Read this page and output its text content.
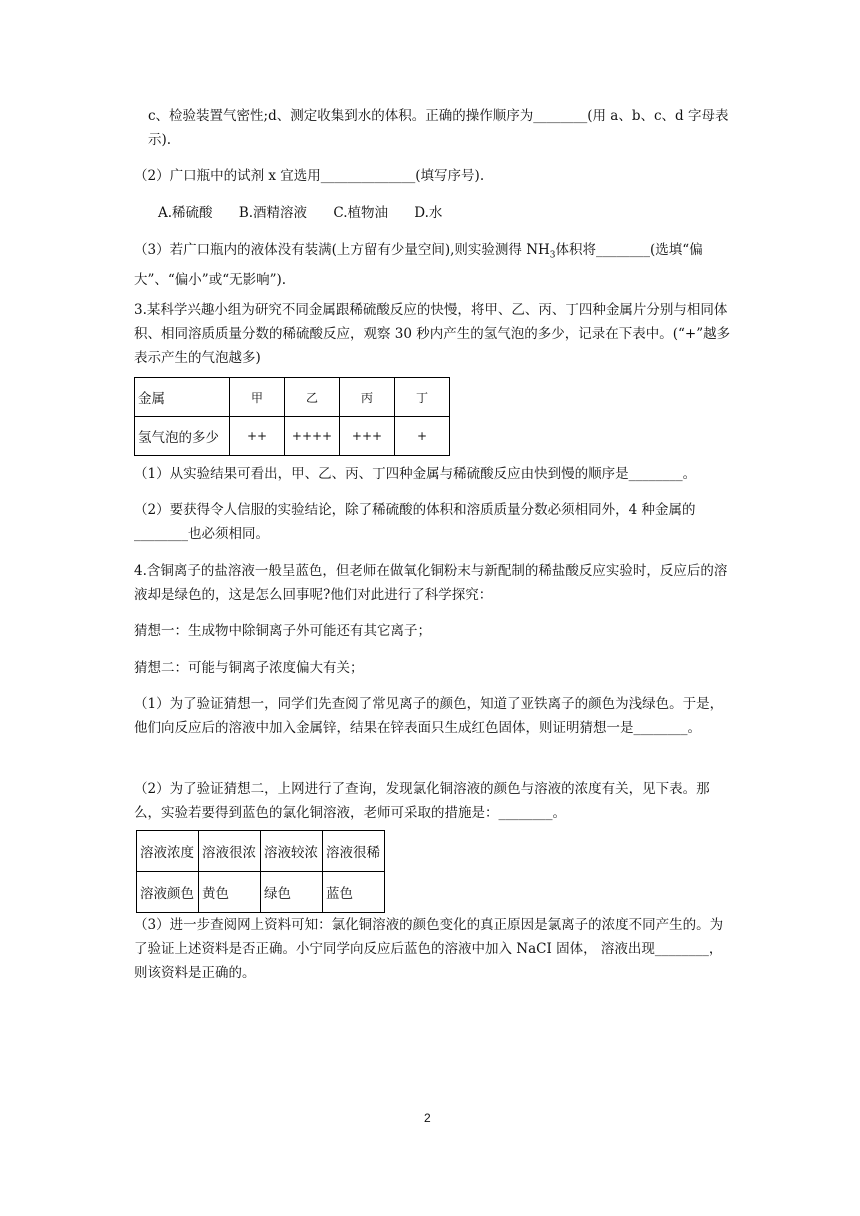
c、检验装置气密性;d、测定收集到水的体积。正确的操作顺序为________(用 a、b、c、d 字母表示).

（2）广口瓶中的试剂 x 宜选用______________(填写序号).

A.稀硫酸 B.酒精溶液 C.植物油 D.水

（3）若广口瓶内的液体没有装满(上方留有少量空间),则实验测得 $NH_3$体积将________(选填“偏大”、“偏小”或“无影响”).

3.某科学兴趣小组为研究不同金属跟稀硫酸反应的快慢，将甲、乙、丙、丁四种金属片分别与相同体积、相同溶质质量分数的稀硫酸反应，观察 30 秒内产生的氢气泡的多少，记录在下表中。(“+”越多表示产生的气泡越多)

金属	甲	乙	丙	丁
氢气泡的多少	++	++++	+++	+

（1）从实验结果可看出，甲、乙、丙、丁四种金属与稀硫酸反应由快到慢的顺序是________。

（2）要获得令人信服的实验结论，除了稀硫酸的体积和溶质质量分数必须相同外，4 种金属的________也必须相同。

4.含铜离子的盐溶液一般呈蓝色，但老师在做氧化铜粉末与新配制的稀盐酸反应实验时，反应后的溶液却是绿色的，这是怎么回事呢?他们对此进行了科学探究：

猜想一：生成物中除铜离子外可能还有其它离子；

猜想二：可能与铜离子浓度偏大有关；

（1）为了验证猜想一，同学们先查阅了常见离子的颜色，知道了亚铁离子的颜色为浅绿色。于是，他们向反应后的溶液中加入金属锌，结果在锌表面只生成红色固体，则证明猜想一是________。

（2）为了验证猜想二，上网进行了查询，发现氯化铜溶液的颜色与溶液的浓度有关，见下表。那么，实验若要得到蓝色的氯化铜溶液，老师可采取的措施是：________。

溶液浓度	溶液很浓	溶液较浓	溶液很稀
溶液颜色	黄色	绿色	蓝色

（3）进一步查阅网上资料可知：氯化铜溶液的颜色变化的真正原因是氯离子的浓度不同产生的。为了验证上述资料是否正确。小宁同学向反应后蓝色的溶液中加入 NaCI 固体， 溶液出现________，则该资料是正确的。

2
